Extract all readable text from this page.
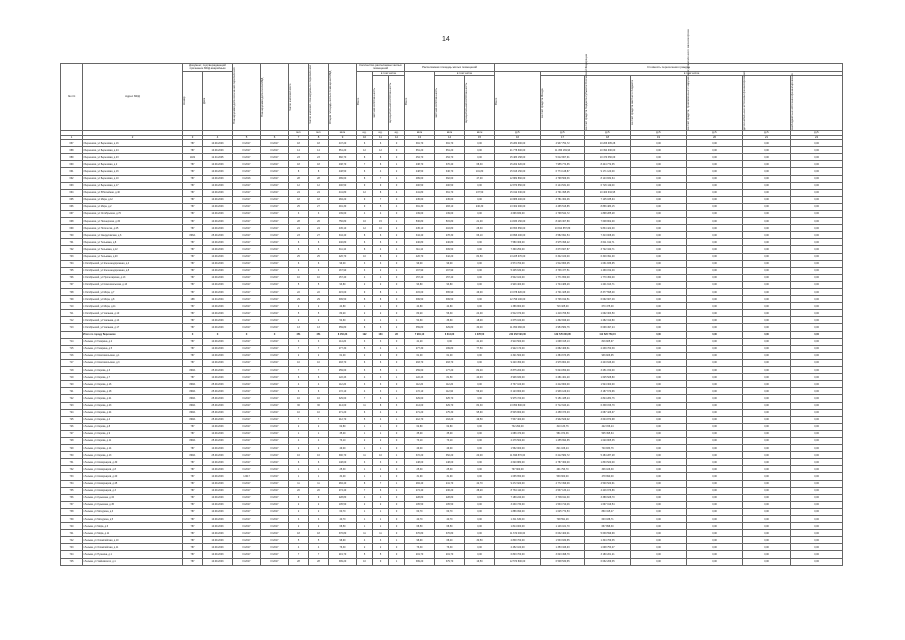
14
№ п/п	Адрес МКД	Документ, подтверждающий признание МКД аварийным		Планируемая дата окончания переселения	Планируемая дата сноса МКД	Число жителей всего	Число жителей, планируемых к переселению	Общая площадь жилых помещений МКД	Количество расселяемых жилых помещений			Расселяемая площадь жилых помещений			Стоимость переселения граждан						

		Номер	Дата						Всего	в том числе		Всего	в том числе		Всего	в том числе					

										частная собственность	муниципальная собственность		частная собственность	муниципальная собственность		за счет средств Фонда	за счет средств бюджета субъекта Российской Федерации	за счет средств местного бюджета	за счет средств, привлеченных с нарушением установленного законом срока	дополнительные источники финансирования	внебюджетные источники финансирования

						чел.	чел.	кв.м	ед.	ед.	ед.	кв.м	кв.м	кв.м	руб.	руб.	руб.	руб.	руб.	руб.	руб.
1	2	3	4	5	6	7	8	9	10	11	12	13	14	15	16	17	18	19	20	21	22
667	г Березники, ул Березовая, д.16	787	10.09.2003	IV.2017	IV.2017	18	18	447,20	6	6	0	391,70	391,70	0,00	15 284 900,00	4 937 754,72	10 266 905,28	0,00	0,00	0,00	0,00
688	г Березники, ул Березовая, д.24	787	10.09.2003	IV.2017	IV.2017	14	14	651,20	12	12	0	651,20	651,20	0,00	21 778 600,00	11 456 169,93	10 394 930,00	0,00	0,00	0,00	0,00
689	г Березники, ул Березовая, д.23	1182	12.04.2005	III.2017	IV.2017	23	23	682,70	8	8	0	454,70	454,70	0,00	15 483 158,00	5 012 807,91	10 470 350,09	0,00	0,00	0,00	0,00
690	г Березники, ул Березовая, д.2	787	10.09.2003	IV.2017	IV.2017	18	18	438,70	7	6	1	438,70	370,40	68,30	15 202 320,00	7 955 774,65	8 444 772,35	0,00	0,00	0,00	0,00
691	г Березники, ул Березовая, д.16	787	10.09.2003	IV.2017	IV.2017	8	8	448,50	6	4	2	448,50	346,70	101,80	15 916 150,00	6 774 148,87	9 171 120,00	0,00	0,00	0,00	0,00
692	г Березники, ул Березовая, д.10	787	10.09.2003	III.2016	IV.2017	28	28	489,60	8	7	1	489,60	362,60	47,00	12 882 860,00	4 798 569,36	8 143 832,64	0,00	0,00	0,00	0,00
693	г Березники, ул Березовая, д.17	787	10.09.2003	III.2017	IV.2017	12	12	400,50	9	9	0	400,50	400,50	0,00	12 870 650,00	6 144 531,00	6 726 119,00	0,00	0,00	0,00	0,00
694	г Березники, ул Юбилейная, д.40	787	10.09.2003	IV.2017	IV.2017	24	24	441,80	12	8	4	441,80	361,70	137,50	15 192 330,00	4 791 395,05	10 400 934,95	0,00	0,00	0,00	0,00
695	г Березники, ул Мира, д.12	787	10.09.2003	III.2017	IV.2017	18	18	284,20	9	7	0	245,60	245,60	0,00	10 886 400,00	3 781 364,06	7 105 035,94	0,00	0,00	0,00	0,00
696	г Березники, ул Мира, д.2	787	10.09.2003	IV.2017	IV.2017	25	27	491,30	9	5	4	391,30	283,10	246,30	13 302 000,00	4 465 516,85	8 866 483,15	0,00	0,00	0,00	0,00
697	г Березники, ул Октябрьская, д.70	787	10.09.2003	III.2017	IV.2017	3	3	139,60	4	4	0	139,60	139,60	0,00	4 696 830,00	2 798 544,72	1 898 285,28	0,00	0,00	0,00	0,00
698	г Березники, ул Пионерская, д.30	787	10.09.2003	III.2017	IV.2017	28	26	756,80	16	15	1	536,80	515,80	21,00	14 833 150,00	8 226 307,89	7 608 802,00	0,00	0,00	0,00	0,00
699	г Березники, ул Пятилетки, д.25	787	10.09.2003	III.2017	IV.2017	24	24	445,10	12	10	2	445,10	416,80	28,30	20 653 650,00	10 814 857,89	9 834 422,00	0,00	0,00	0,00	0,00
700	г Березники, ул Свердловская, д.6	896/1	25.09.2003	III.2017	IV.2017	23	27	344,40	8	6	2	344,40	278,30	66,10	10 896 400,00	3 582 991,54	7 313 008,46	0,00	0,00	0,00	0,00
701	г Березники, ул Тельмана, д.8	787	10.09.2003	III.2017	IV.2017	6	6	240,80	6	6	0	240,80	240,80	0,00	7 580 309,00	3 975 396,22	3 611 312,71	0,00	0,00	0,00	0,00
702	г Березники, ул Тельмана, д.12	787	10.09.2003	III.2017	IV.2017	6	6	311,10	8	4	4	311,10	309,50	0,00	7 390 250,00	3 673 607,87	3 722 340,71	0,00	0,00	0,00	0,00
703	г Березники, ул Тельмана, д.20	787	10.09.2003	III.2017	IV.2017	25	25	426,70	10	8	2	426,70	342,20	84,50	13 225 970,00	6 342 160,00	6 349 391,00	0,00	0,00	0,00	0,00
704	п Октябрьский, ул Железнодорожная, д.4	787	10.09.2003	III.2017	IV.2017	6	6	99,00	3	3	0	99,00	99,00	0,00	2 574 700,00	1 512 863,05	1 061 836,95	0,00	0,00	0,00	0,00
705	п Октябрьский, ул Железнодорожная, д.8	787	10.09.2003	III.2017	IV.2017	3	3	167,90	3	2	1	167,90	167,90	0,00	5 205 630,00	3 736 477,51	1 469 152,49	0,00	0,00	0,00	0,00
706	п Октябрьский, ул Пролетарская, д.13	787	10.09.2003	III.2017	IV.2017	10	10	157,40	4	4	0	157,40	157,40	0,00	3 542 100,00	1 771 650,00	1 770 450,00	0,00	0,00	0,00	0,00
707	п Октябрьский, ул Комсомольская, д.13	787	10.09.2003	III.2017	IV.2017	5	5	93,80	2	2	0	93,80	93,80	0,00	2 946 400,00	1 744 486,29	1 201 913,71	0,00	0,00	0,00	0,00
708	п Октябрьский, ул Мира, д.7	787	10.09.2003	III.2017	IV.2017	22	22	415,00	9	8	1	415,00	365,90	49,00	13 078 920,00	4 701 325,00	8 377 595,00	0,00	0,00	0,00	0,00
709	п Октябрьский, ул Мира, д.8	188	12.04.2004	III.2017	IV.2017	29	29	399,50	8	8	0	399,50	399,50	0,00	12 799 100,00	6 706 192,51	6 092 907,49	0,00	0,00	0,00	0,00
710	п Октябрьский, ул Мира, д.11	787	10.09.2003	III.2017	IV.2017	2	2	44,80	1	1	0	44,80	44,80	0,00	1 386 800,00	716 325,00	670 475,00	0,00	0,00	0,00	0,00
711	п Октябрьский, ул Чапаева, д.10	787	10.09.2003	III.2017	IV.2017	5	5	80,20	2	2	0	80,20	56,30	24,00	2 512 070,00	1 419 766,50	1 092 303,50	0,00	0,00	0,00	0,00
712	п Октябрьский, ул Чапаева, д.14	787	10.09.2003	III.2017	IV.2017	2	2	54,60	2	1	1	54,60	36,60	18,00	2 675 160,00	1 392 849,20	1 282 310,80	0,00	0,00	0,00	0,00
713	п Октябрьский, ул Чапаева, д.17	787	10.09.2003	III.2017	IV.2017	13	13	359,80	8	6	2	359,80	329,80	30,00	11 054 080,00	4 954 582,76	6 099 497,24	0,00	0,00	0,00	0,00
	Итого по городу Березники	X	X	X	X	451	451	8 156,33	192	164	28	7 981,10	6 614,60	1 378,50	242 252 590,00	129 725 830,85	112 526 759,15	0,00	0,00	0,00	0,00
714	г Лысьва, ул Гагарина, д.2	787	10.09.2003	III.2017	IV.2017	3	3	114,20	3	3	0	41,20	0,00	41,20	3 910 500,00	1 098 315,13	816 825,97	0,00	0,00	0,00	0,00
715	г Лысьва, ул Гагарина, д.5	787	10.09.2003	III.2017	IV.2017	7	7	277,30	5	4	1	277,30	199,80	77,50	4 922 170,00	2 682 469,61	2 239 700,39	0,00	0,00	0,00	0,00
716	г Лысьва, ул Комсомольская, д.1	787	10.09.2003	III.2017	IV.2017	2	2	61,00	2	2	0	61,00	61,00	0,00	2 321 500,00	1 384 673,05	936 826,95	0,00	0,00	0,00	0,00
717	г Лысьва, ул Комсомольская, д.3	787	10.09.2003	III.2017	IV.2017	10	10	293,70	6	6	0	293,70	293,70	0,00	9 220 450,00	4 976 804,00	4 243 646,00	0,00	0,00	0,00	0,00
718	г Лысьва, ул Кирова, д.3	899/1	25.09.2003	III.2017	IV.2017	7	7	259,60	6	5	1	259,60	177,20	82,40	8 875 200,00	5 624 050,00	3 251 150,00	0,00	0,00	0,00	0,00
719	г Лысьва, ул Кирова, д.7	787	10.09.2003	III.2017	IV.2017	6	6	122,43	4	3	1	122,43	81,50	40,93	3 906 930,00	2 281 401,20	1 625 528,80	0,00	0,00	0,00	0,00
720	г Лысьва, ул Кирова, д.16	899/1	25.09.2003	III.2017	IV.2017	4	4	112,20	3	3	0	112,20	112,20	0,00	3 737 100,00	2 212 800,00	1 524 300,00	0,00	0,00	0,00	0,00
721	г Лысьва, ул Кирова, д.18	899/1	25.09.2003	III.2017	IV.2017	6	6	172,10	4	3	1	172,10	112,90	59,20	6 123 800,00	2 936 129,04	3 187 670,96	0,00	0,00	0,00	0,00
722	г Лысьва, ул Кирова, д.21	899/1	25.09.2003	III.2017	IV.2017	16	16	329,60	7	6	1	329,60	325,70	3,90	9 975 720,00	5 151 435,24	4 824 284,76	0,00	0,00	0,00	0,00
723	г Лысьва, ул Кирова, д.23	899/1	25.09.2003	III.2017	IV.2017	36	36	414,00	11	8	3	414,00	329,70	84,30	13 050 800,00	6 712 643,21	6 338 156,79	0,00	0,00	0,00	0,00
724	г Лысьва, ул Кирова, д.24	899/1	25.09.2003	III.2017	IV.2017	10	10	271,20	6	4	2	271,20	175,30	95,90	8 545 800,00	4 458 373,03	4 087 426,97	0,00	0,00	0,00	0,00
725	г Лысьва, ул Кирова, д.4	899/1	25.09.2003	III.2017	IV.2017	7	7	212,70	5	4	1	212,70	163,20	49,50	7 537 400,00	3 932 529,02	3 604 870,98	0,00	0,00	0,00	0,00
726	г Лысьва, ул Кирова, д.8	787	10.09.2003	III.2017	IV.2017	2	2	62,80	1	1	0	62,80	62,80	0,00	732 290,00	310 133,76	422 156,24	0,00	0,00	0,00	0,00
727	г Лысьва, ул Кирова, д.9	787	10.09.2003	III.2017	IV.2017	1	1	35,00	1	1	0	35,00	35,00	0,00	1 086 470,00	581 074,36	505 395,64	0,00	0,00	0,00	0,00
728	г Лысьва, ул Кирова, д.11	899/1	25.09.2003	III.2017	IV.2017	4	4	73,10	2	2	0	73,10	73,10	0,00	2 276 500,00	1 255 694,65	1 020 805,35	0,00	0,00	0,00	0,00
729	г Лысьва, ул Кирова, д.14	787	10.09.2003	III.2017	IV.2017	2	2	49,00	1	1	0	49,00	49,00	0,00	1 562 000,00	821 166,24	740 833,76	0,00	0,00	0,00	0,00
730	г Лысьва, ул Кирова, д.13	899/1	25.09.2003	III.2017	IV.2017	16	16	390,70	11	10	1	372,20	352,20	20,00	11 696 870,00	6 212 582,72	5 484 287,28	0,00	0,00	0,00	0,00
731	г Лысьва, ул Коммунаров, д.30	787	10.09.2003	III.2017	IV.2017	6	6	148,00	3	3	0	148,00	148,00	0,00	4 620 880,00	2 787 360,00	1 833 520,00	0,00	0,00	0,00	0,00
732	г Лысьва, ул Коммунаров, д.8	787	10.09.2003	III.2017	IV.2017	1	1	25,30	1	1	0	25,30	25,30	0,00	797 900,00	491 793,70	306 106,30	0,00	0,00	0,00	0,00
733	г Лысьва, ул Коммунаров, д.20	787	10.09.2003	I.2017	IV.2017	1	1	34,00	1	1	0	31,90	31,90	0,00	1 065 650,00	539 660,00	478 990,00	0,00	0,00	0,00	0,00
734	г Лысьва, ул Коммунаров, д.25	787	10.09.2003	III.2017	IV.2017	11	11	284,40	8	7	1	284,40	241,70	42,70	9 272 920,00	4 772 399,09	4 500 520,91	0,00	0,00	0,00	0,00
735	г Лысьва, ул Коммунаров, д.3	787	10.09.2003	III.2017	IV.2017	20	20	274,40	7	6	1	274,40	236,20	38,20	8 784 110,00	4 537 133,14	4 246 976,86	0,00	0,00	0,00	0,00
736	г Лысьва, ул Кузьмина, д.34	787	10.09.2003	III.2017	IV.2017	9	9	228,80	4	4	0	228,80	228,80	0,00	7 189 240,00	3 799 611,30	3 389 628,70	0,00	0,00	0,00	0,00
737	г Лысьва, ул Кузьмина, д.45	787	10.09.2003	III.2017	IV.2017	2	2	105,50	2	2	0	105,50	105,50	0,00	3 230 730,00	1 533 710,46	1 697 019,54	0,00	0,00	0,00	0,00
738	г Лысьва, ул Мичурина, д.3	787	10.09.2003	III.2017	IV.2017	2	2	60,70	1	1	0	60,70	60,70	0,00	1 886 090,00	1 025 774,53	860 315,47	0,00	0,00	0,00	0,00
739	г Лысьва, ул Мичурина, д.5	787	10.09.2003	III.2017	IV.2017	3	3	40,70	1	1	0	40,70	40,70	0,00	1 311 630,00	708 591,29	603 038,71	0,00	0,00	0,00	0,00
740	г Лысьва, ул Мира, д.6	787	10.09.2003	III.2017	IV.2017	2	2	68,50	1	1	0	68,50	68,50	0,00	1 814 000,00	1 146 101,70	667 898,30	0,00	0,00	0,00	0,00
741	г Лысьва, ул Мира, д.11	787	10.09.2003	III.2017	IV.2017	18	18	376,80	11	11	0	376,80	376,80	0,00	11 672 000,00	6 032 400,01	5 639 599,99	0,00	0,00	0,00	0,00
742	г Лысьва, ул Олимпийская, д.10	787	10.09.2003	III.2017	IV.2017	5	5	98,90	4	3	1	98,90	68,40	30,50	2 838 700,00	1 533 930,65	1 304 769,35	0,00	0,00	0,00	0,00
743	г Лысьва, ул Олимпийская, д.11	787	10.09.2003	III.2017	IV.2017	4	4	76,30	2	2	0	76,30	76,30	0,00	2 452 100,00	1 353 346,93	1 098 753,07	0,00	0,00	0,00	0,00
744	г Лысьва, ул Пушкина, д.1	787	10.09.2003	III.2017	IV.2017	7	7	219,70	5	5	0	219,70	219,70	0,00	6 803 700,00	3 623 498,79	3 180 201,21	0,00	0,00	0,00	0,00
745	г Лысьва, ул Чайковского, д.1	787	10.09.2003	III.2017	IV.2017	28	28	399,20	10	9	1	399,20	379,70	19,50	12 570 800,00	6 508 530,65	6 062 269,35	0,00	0,00	0,00	0,00
